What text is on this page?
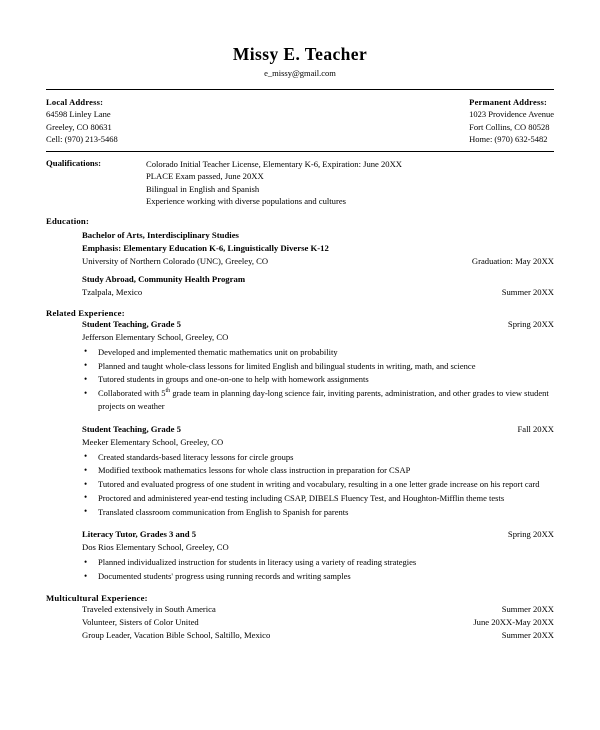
Missy E. Teacher
e_missy@gmail.com
Local Address:
64598 Linley Lane
Greeley, CO 80631
Cell: (970) 213-5468
Permanent Address:
1023 Providence Avenue
Fort Collins, CO 80528
Home: (970) 632-5482
Qualifications:	Colorado Initial Teacher License, Elementary K-6, Expiration: June 20XX
PLACE Exam passed, June 20XX
Bilingual in English and Spanish
Experience working with diverse populations and cultures
Education:
Bachelor of Arts, Interdisciplinary Studies
Emphasis: Elementary Education K-6, Linguistically Diverse K-12
University of Northern Colorado (UNC), Greeley, CO	Graduation: May 20XX
Study Abroad, Community Health Program
Tzalpala, Mexico	Summer 20XX
Related Experience:
Student Teaching, Grade 5	Spring 20XX
Jefferson Elementary School, Greeley, CO
• Developed and implemented thematic mathematics unit on probability
• Planned and taught whole-class lessons for limited English and bilingual students in writing, math, and science
• Tutored students in groups and one-on-one to help with homework assignments
• Collaborated with 5th grade team in planning day-long science fair, inviting parents, administration, and other grades to view student projects on weather
Student Teaching, Grade 5	Fall 20XX
Meeker Elementary School, Greeley, CO
• Created standards-based literacy lessons for circle groups
• Modified textbook mathematics lessons for whole class instruction in preparation for CSAP
• Tutored and evaluated progress of one student in writing and vocabulary, resulting in a one letter grade increase on his report card
• Proctored and administered year-end testing including CSAP, DIBELS Fluency Test, and Houghton-Mifflin theme tests
• Translated classroom communication from English to Spanish for parents
Literacy Tutor, Grades 3 and 5	Spring 20XX
Dos Rios Elementary School, Greeley, CO
• Planned individualized instruction for students in literacy using a variety of reading strategies
• Documented students' progress using running records and writing samples
Multicultural Experience:
Traveled extensively in South America	Summer 20XX
Volunteer, Sisters of Color United	June 20XX-May 20XX
Group Leader, Vacation Bible School, Saltillo, Mexico	Summer 20XX
